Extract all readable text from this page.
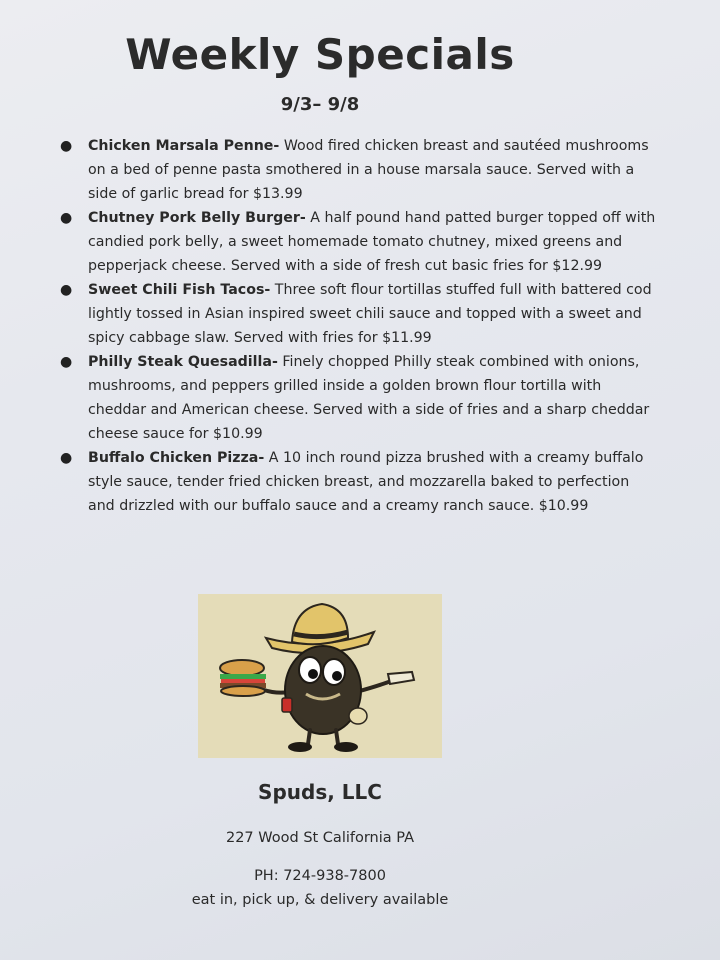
Weekly Specials
9/3– 9/8
● Chicken Marsala Penne- Wood fired chicken breast and sautéed mushrooms on a bed of penne pasta smothered in a house marsala sauce. Served with a side of garlic bread for $13.99
● Chutney Pork Belly Burger- A half pound hand patted burger topped off with candied pork belly, a sweet homemade tomato chutney, mixed greens and pepperjack cheese. Served with a side of fresh cut basic fries for $12.99
● Sweet Chili Fish Tacos- Three soft flour tortillas stuffed full with battered cod lightly tossed in Asian inspired sweet chili sauce and topped with a sweet and spicy cabbage slaw. Served with fries for $11.99
● Philly Steak Quesadilla- Finely chopped Philly steak combined with onions, mushrooms, and peppers grilled inside a golden brown flour tortilla with cheddar and American cheese. Served with a side of fries and a sharp cheddar cheese sauce for $10.99
● Buffalo Chicken Pizza- A 10 inch round pizza brushed with a creamy buffalo style sauce, tender fried chicken breast, and mozzarella baked to perfection and drizzled with our buffalo sauce and a creamy ranch sauce. $10.99
Spuds, LLC
227 Wood St California PA
PH: 724-938-7800
eat in, pick up, & delivery available
